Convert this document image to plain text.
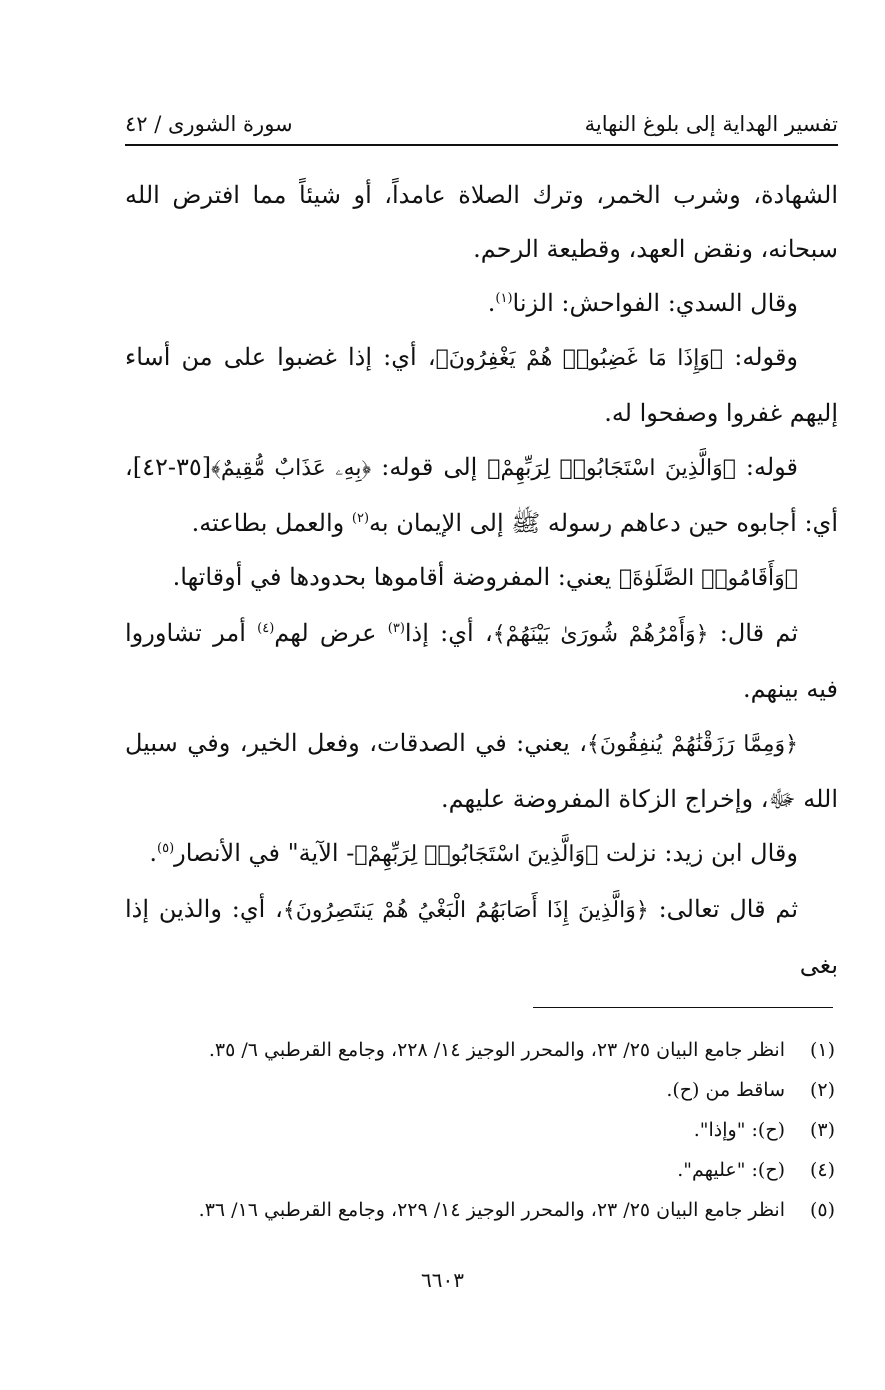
تفسير الهداية إلى بلوغ النهاية
سورة الشورى / ٤٢

الشهادة، وشرب الخمر، وترك الصلاة عامداً، أو شيئاً مما افترض الله سبحانه، ونقض العهد، وقطيعة الرحم.

وقال السدي: الفواحش: الزنا$^{(١)}$.

وقوله: ﴿وَإِذَا مَا غَضِبُوا۟ هُمْ يَغْفِرُونَ﴾، أي: إذا غضبوا على من أساء إليهم غفروا وصفحوا له.

قوله: ﴿وَالَّذِينَ اسْتَجَابُوا۟ لِرَبِّهِمْ﴾ إلى قوله: ﴿بِهِۦ عَذَابٌ مُّقِيمٌ﴾[٣٥-٤٢]، أي: أجابوه حين دعاهم رسوله ﷺ إلى الإيمان به$^{(٢)}$ والعمل بطاعته.

﴿وَأَقَامُوا۟ الصَّلَوٰةَ﴾ يعني: المفروضة أقاموها بحدودها في أوقاتها.

ثم قال: ﴿وَأَمْرُهُمْ شُورَىٰ بَيْنَهُمْ﴾، أي: إذا$^{(٣)}$ عرض لهم$^{(٤)}$ أمر تشاوروا فيه بينهم.

﴿وَمِمَّا رَزَقْنَٰهُمْ يُنفِقُونَ﴾، يعني: في الصدقات، وفعل الخير، وفي سبيل الله ﷻ، وإخراج الزكاة المفروضة عليهم.

وقال ابن زيد: نزلت ﴿وَالَّذِينَ اسْتَجَابُوا۟ لِرَبِّهِمْ﴾- الآية" في الأنصار$^{(٥)}$.

ثم قال تعالى: ﴿وَالَّذِينَ إِذَا أَصَابَهُمُ الْبَغْيُ هُمْ يَنتَصِرُونَ﴾، أي: والذين إذا بغى

(١)
انظر جامع البيان ٢٥/ ٢٣، والمحرر الوجيز ١٤/ ٢٢٨، وجامع القرطبي ٦/ ٣٥.
(٢)
ساقط من (ح).
(٣)
(ح): "وإذا".
(٤)
(ح): "عليهم".
(٥)
انظر جامع البيان ٢٥/ ٢٣، والمحرر الوجيز ١٤/ ٢٢٩، وجامع القرطبي ١٦/ ٣٦.
٦٦٠٣
